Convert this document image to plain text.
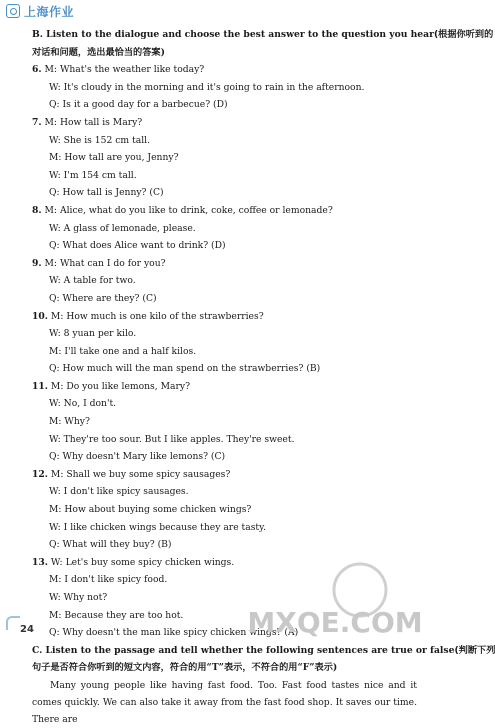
上海作业
B. Listen to the dialogue and choose the best answer to the question you hear(根据你听到的
对话和问题，选出最恰当的答案)
6. M: What's the weather like today?
W: It's cloudy in the morning and it's going to rain in the afternoon.
Q: Is it a good day for a barbecue? (D)
7. M: How tall is Mary?
W: She is 152 cm tall.
M: How tall are you, Jenny?
W: I'm 154 cm tall.
Q: How tall is Jenny? (C)
8. M: Alice, what do you like to drink, coke, coffee or lemonade?
W: A glass of lemonade, please.
Q: What does Alice want to drink? (D)
9. M: What can I do for you?
W: A table for two.
Q: Where are they? (C)
10. M: How much is one kilo of the strawberries?
W: 8 yuan per kilo.
M: I'll take one and a half kilos.
Q: How much will the man spend on the strawberries? (B)
11. M: Do you like lemons, Mary?
W: No, I don't.
M: Why?
W: They're too sour. But I like apples. They're sweet.
Q: Why doesn't Mary like lemons? (C)
12. M: Shall we buy some spicy sausages?
W: I don't like spicy sausages.
M: How about buying some chicken wings?
W: I like chicken wings because they are tasty.
Q: What will they buy? (B)
13. W: Let's buy some spicy chicken wings.
M: I don't like spicy food.
W: Why not?
M: Because they are too hot.
Q: Why doesn't the man like spicy chicken wings? (A)
C. Listen to the passage and tell whether the following sentences are true or false(判断下列
句子是否符合你听到的短文内容，符合的用“T”表示，不符合的用“F”表示)
Many young people like having fast food. Too. Fast food tastes nice and it comes quickly. We can also take it away from the fast food shop. It saves our time. There are
24	MXQE.COM
